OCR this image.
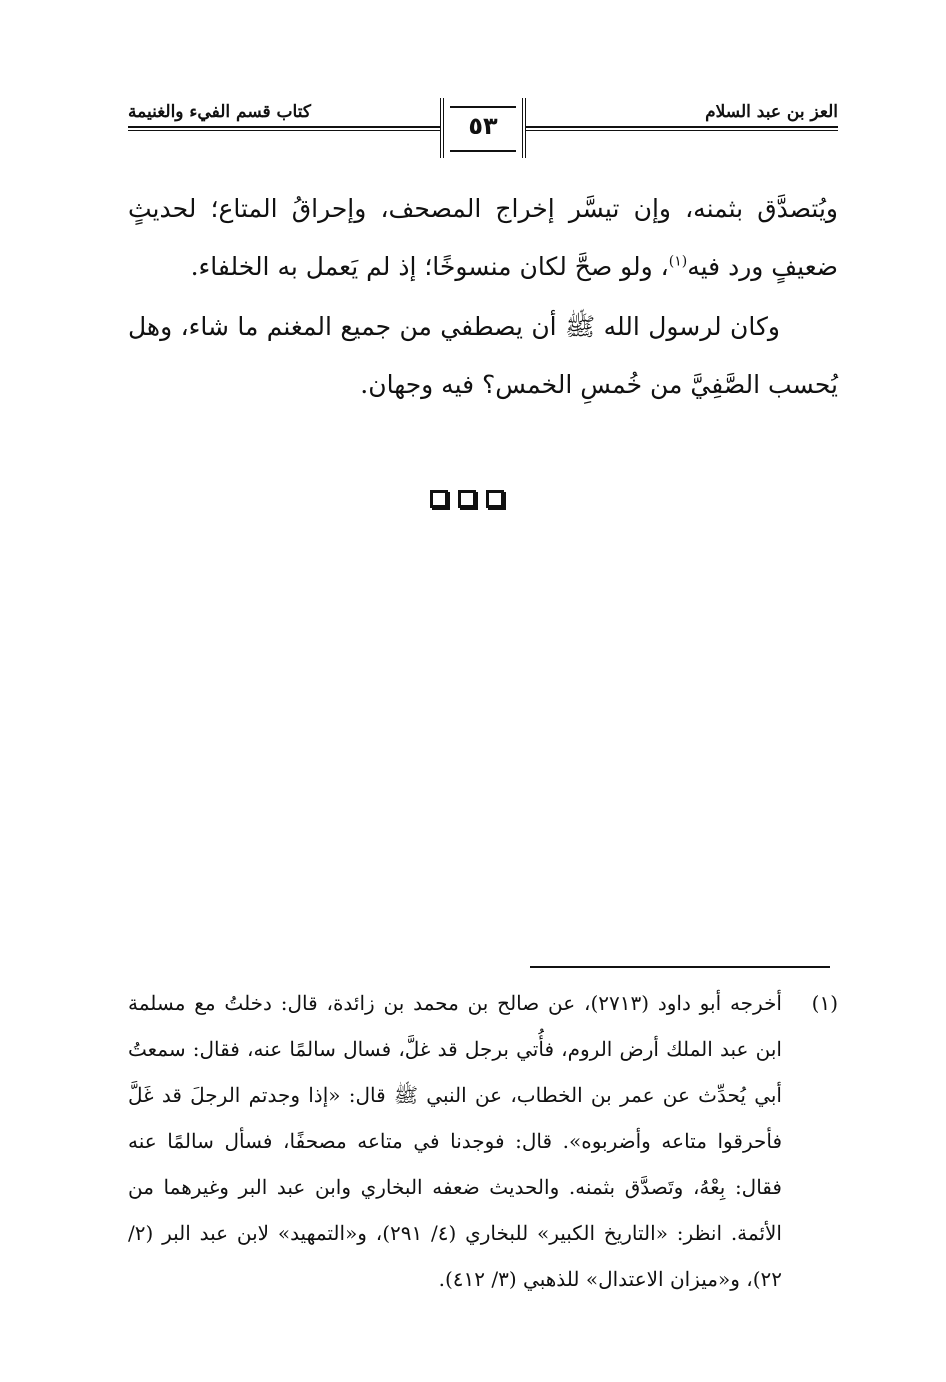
العز بن عبد السلام
كتاب قسم الفيء والغنيمة	٥٣

ويُتصدَّق بثمنه، وإن تيسَّر إخراج المصحف، وإحراقُ المتاع؛ لحديثٍ ضعيفٍ ورد فيه$^{(١)}$، ولو صحَّ لكان منسوخًا؛ إذ لم يَعمل به الخلفاء.

وكان لرسول الله ﷺ أن يصطفي من جميع المغنم ما شاء، وهل يُحسب الصَّفِيَّ من خُمسِ الخمس؟ فيه وجهان.

(١)
أخرجه أبو داود (٢٧١٣)، عن صالح بن محمد بن زائدة، قال: دخلتُ مع مسلمة ابن عبد الملك أرض الروم، فأُتي برجل قد غلَّ، فسال سالمًا عنه، فقال: سمعتُ أبي يُحدِّث عن عمر بن الخطاب، عن النبي ﷺ قال: «إذا وجدتم الرجلَ قد غَلَّ فأحرقوا متاعه وأضربوه». قال: فوجدنا في متاعه مصحفًا، فسأل سالمًا عنه فقال: بِعْهُ، وتَصدَّق بثمنه. والحديث ضعفه البخاري وابن عبد البر وغيرهما من الأئمة. انظر: «التاريخ الكبير» للبخاري (٤/ ٢٩١)، و«التمهيد» لابن عبد البر (٢/ ٢٢)، و«ميزان الاعتدال» للذهبي (٣/ ٤١٢).
